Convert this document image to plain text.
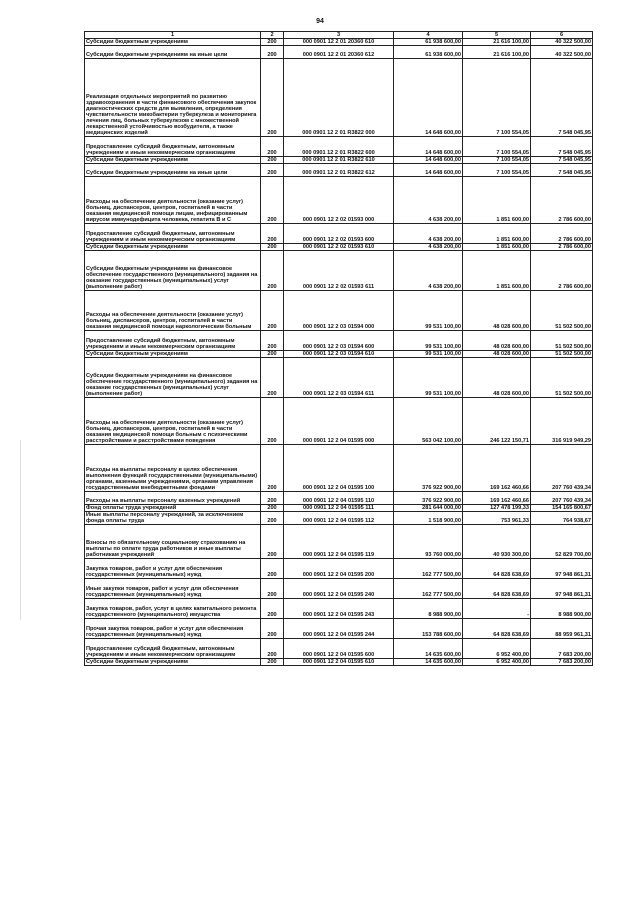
94
1	2	3	4	5	6
Субсидии бюджетным учреждениям	200	000 0901 12 2 01 20360 610	61 938 600,00	21 616 100,00	40 322 500,00
Субсидии бюджетным учреждениям на иные цели	200	000 0901 12 2 01 20360 612	61 938 600,00	21 616 100,00	40 322 500,00
Реализация отдельных мероприятий по развитию здравоохранения в части финансового обеспечения закупок диагностических средств для выявления, определения чувствительности микобактерии туберкулеза и мониторинга лечения лиц, больных туберкулезом с множественной лекарственной устойчивостью возбудителя, а также медицинских изделий	200	000 0901 12 2 01 R3822 000	14 648 600,00	7 100 554,05	7 548 045,95
Предоставление субсидий бюджетным, автономным учреждениям и иным некоммерческим организациям	200	000 0901 12 2 01 R3822 600	14 648 600,00	7 100 554,05	7 548 045,95
Субсидии бюджетным учреждениям	200	000 0901 12 2 01 R3822 610	14 648 600,00	7 100 554,05	7 548 045,95
Субсидии бюджетным учреждениям на иные цели	200	000 0901 12 2 01 R3822 612	14 648 600,00	7 100 554,05	7 548 045,95
Расходы на обеспечение деятельности (оказание услуг) больниц, диспансеров, центров, госпиталей в части оказания медицинской помощи лицам, инфицированным вирусом иммунодефицита человека, гепатита В и С	200	000 0901 12 2 02 01593 000	4 638 200,00	1 851 600,00	2 786 600,00
Предоставление субсидий бюджетным, автономным учреждениям и иным некоммерческим организациям	200	000 0901 12 2 02 01593 600	4 638 200,00	1 851 600,00	2 786 600,00
Субсидии бюджетным учреждениям	200	000 0901 12 2 02 01593 610	4 638 200,00	1 851 600,00	2 786 600,00
Субсидии бюджетным учреждениям на финансовое обеспечение государственного (муниципального) задания на оказание государственных (муниципальных) услуг (выполнение работ)	200	000 0901 12 2 02 01593 611	4 638 200,00	1 851 600,00	2 786 600,00
Расходы на обеспечение деятельности (оказание услуг) больниц, диспансеров, центров, госпиталей в части оказания медицинской помощи наркологическим больным	200	000 0901 12 2 03 01594 000	99 531 100,00	48 028 600,00	51 502 500,00
Предоставление субсидий бюджетным, автономным учреждениям и иным некоммерческим организациям	200	000 0901 12 2 03 01594 600	99 531 100,00	48 028 600,00	51 502 500,00
Субсидии бюджетным учреждениям	200	000 0901 12 2 03 01594 610	99 531 100,00	48 028 600,00	51 502 500,00
Субсидии бюджетным учреждениям на финансовое обеспечение государственного (муниципального) задания на оказание государственных (муниципальных) услуг (выполнение работ)	200	000 0901 12 2 03 01594 611	99 531 100,00	48 028 600,00	51 502 500,00
Расходы на обеспечение деятельности (оказание услуг) больниц, диспансеров, центров, госпиталей в части оказания медицинской помощи больным с психическими расстройствами и расстройствами поведения	200	000 0901 12 2 04 01595 000	563 042 100,00	246 122 150,71	316 919 949,29
Расходы на выплаты персоналу в целях обеспечения выполнения функций государственными (муниципальными) органами, казенными учреждениями, органами управления государственными внебюджетными фондами	200	000 0901 12 2 04 01595 100	376 922 900,00	169 162 460,66	207 760 439,34
Расходы на выплаты персоналу казенных учреждений	200	000 0901 12 2 04 01595 110	376 922 900,00	169 162 460,66	207 760 439,34
Фонд оплаты труда учреждений	200	000 0901 12 2 04 01595 111	281 644 000,00	127 478 199,33	154 165 800,67
Иные выплаты персоналу учреждений, за исключением фонда оплаты труда	200	000 0901 12 2 04 01595 112	1 518 900,00	753 961,33	764 938,67
Взносы по обязательному социальному страхованию на выплаты по оплате труда работников и иные выплаты работникам учреждений	200	000 0901 12 2 04 01595 119	93 760 000,00	40 930 300,00	52 829 700,00
Закупка товаров, работ и услуг для обеспечения государственных (муниципальных) нужд	200	000 0901 12 2 04 01595 200	162 777 500,00	64 828 638,69	97 948 861,31
Иные закупки товаров, работ и услуг для обеспечения государственных (муниципальных) нужд	200	000 0901 12 2 04 01595 240	162 777 500,00	64 828 638,69	97 948 861,31
Закупка товаров, работ, услуг в целях капитального ремонта государственного (муниципального) имущества	200	000 0901 12 2 04 01595 243	8 988 900,00	-	8 988 900,00
Прочая закупка товаров, работ и услуг для обеспечения государственных (муниципальных) нужд	200	000 0901 12 2 04 01595 244	153 788 600,00	64 828 638,69	88 959 961,31
Предоставление субсидий бюджетным, автономным учреждениям и иным некоммерческим организациям	200	000 0901 12 2 04 01595 600	14 635 600,00	6 952 400,00	7 683 200,00
Субсидии бюджетным учреждениям	200	000 0901 12 2 04 01595 610	14 635 600,00	6 952 400,00	7 683 200,00
